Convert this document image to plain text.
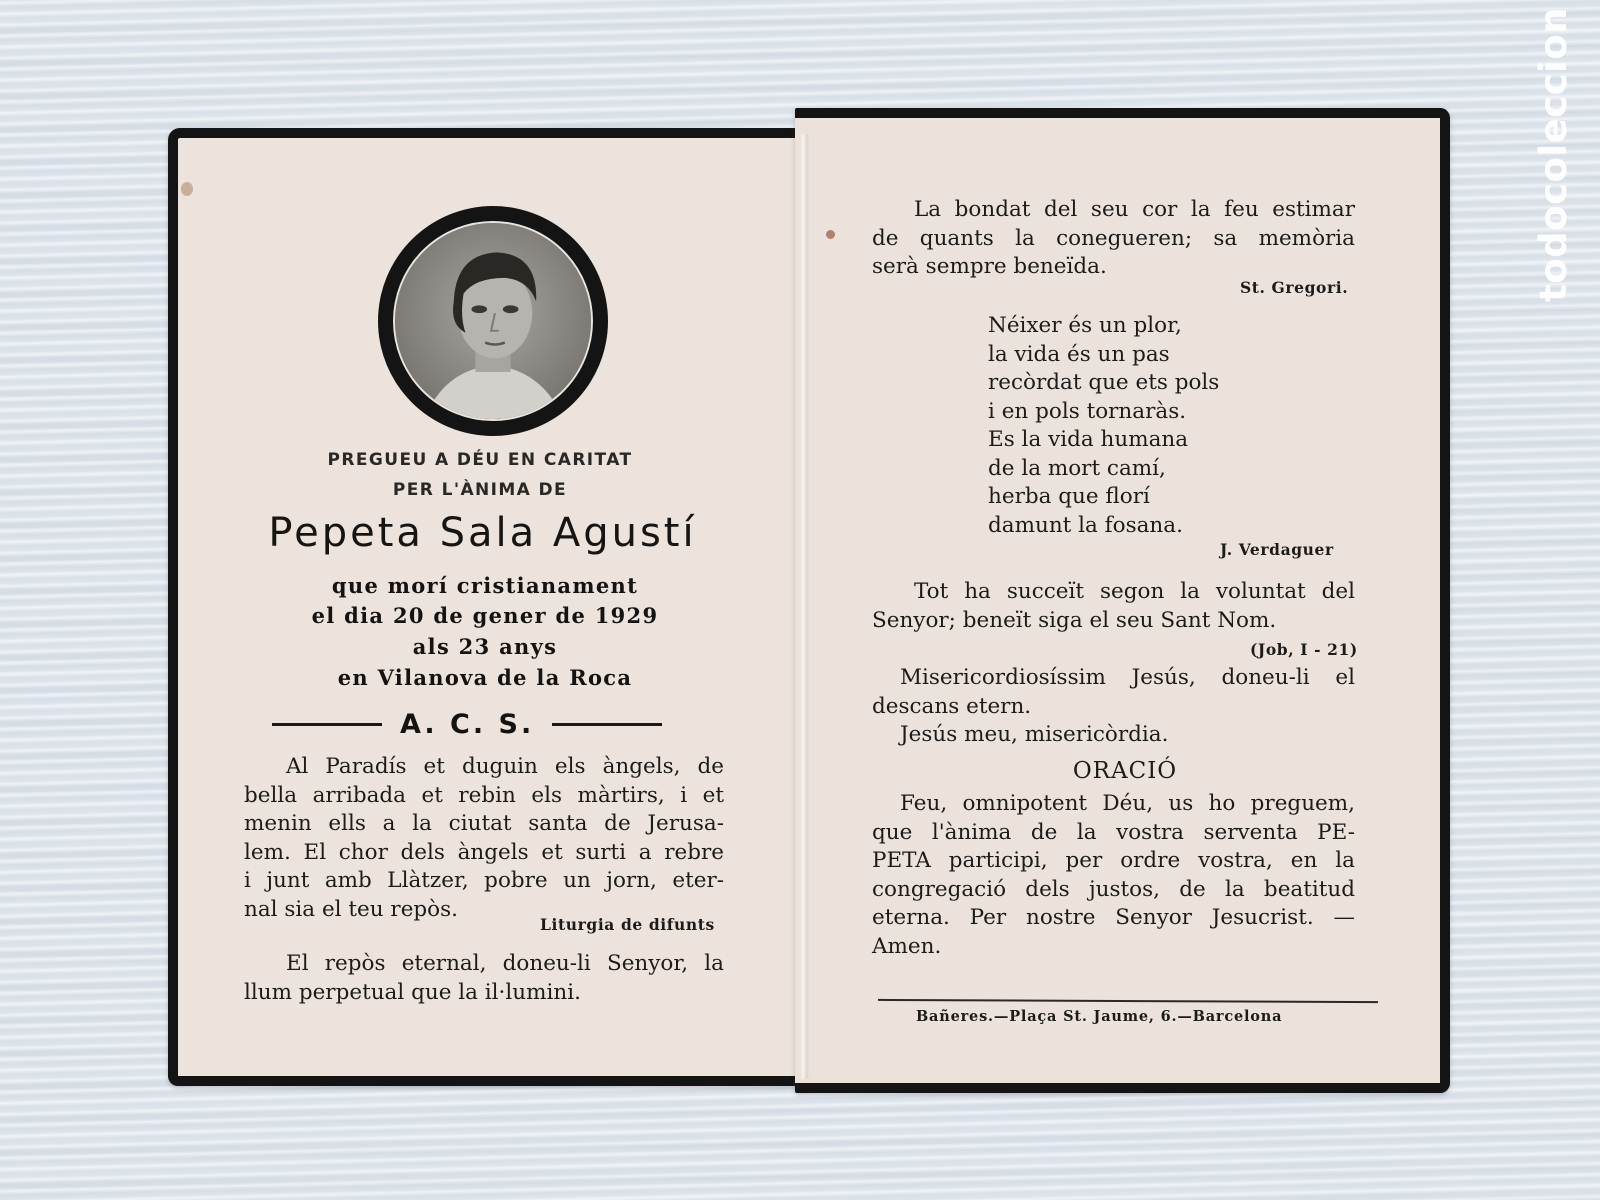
todocoleccion
PREGUEU A DÉU EN CARITAT
PER L'ÀNIMA DE
Pepeta Sala Agustí
que morí cristianament
el dia 20 de gener de 1929
als 23 anys
en Vilanova de la Roca
A. C. S.
Al Paradís et duguin els àngels, de
bella arribada et rebin els màrtirs, i et
menin ells a la ciutat santa de Jerusa-
lem. El chor dels àngels et surti a rebre
i junt amb Llàtzer, pobre un jorn, eter-
nal sia el teu repòs.
Liturgia de difunts
El repòs eternal, doneu-li Senyor, la
llum perpetual que la il·lumini.
La bondat del seu cor la feu estimar
de quants la conegueren; sa memòria
serà sempre beneïda.
St. Gregori.
Néixer és un plor,
la vida és un pas
recòrdat que ets pols
i en pols tornaràs.
Es la vida humana
de la mort camí,
herba que florí
damunt la fosana.
J. Verdaguer
Tot ha succeït segon la voluntat del
Senyor; beneït siga el seu Sant Nom.
(Job, I - 21)
Misericordiosíssim Jesús, doneu-li el
descans etern.
Jesús meu, misericòrdia.
ORACIÓ
Feu, omnipotent Déu, us ho preguem,
que l'ànima de la vostra serventa PE-
PETA participi, per ordre vostra, en la
congregació dels justos, de la beatitud
eterna. Per nostre Senyor Jesucrist. —
Amen.
Bañeres.—Plaça St. Jaume, 6.—Barcelona
